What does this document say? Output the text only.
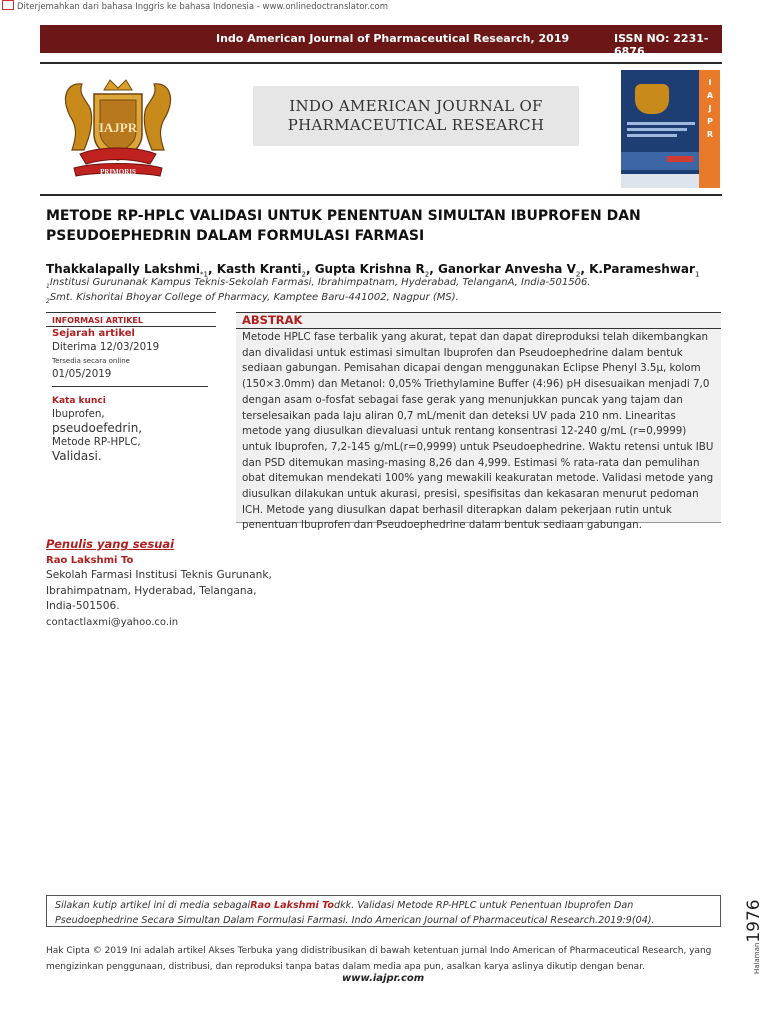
Diterjemahkan dari bahasa Inggris ke bahasa Indonesia - www.onlinedoctranslator.com
Indo American Journal of Pharmaceutical Research, 2019	ISSN NO: 2231-6876
IAJPR
PRIMORIS
INDO AMERICAN JOURNAL OF
PHARMACEUTICAL RESEARCH
I
A
J
P
R
METODE RP-HPLC VALIDASI UNTUK PENENTUAN SIMULTAN IBUPROFEN DAN
PSEUDOEPHEDRIN DALAM FORMULASI FARMASI
Thakkalapally Lakshmi$_{*1}$, Kasth Kranti$_2$, Gupta Krishna $R_2$, Ganorkar Anvesha $V_2$, K.Parameshwar$_1$
$_1$Institusi Gurunanak Kampus Teknis-Sekolah Farmasi, Ibrahimpatnam, Hyderabad, TelanganA, India-501506.
$_2$Smt. Kishoritai Bhoyar College of Pharmacy, Kamptee Baru-441002, Nagpur (MS).
INFORMASI ARTIKEL
Sejarah artikel
Diterima 12/03/2019
Tersedia secara online
01/05/2019
Kata kunci
Ibuprofen,
pseudoefedrin,
Metode RP-HPLC,
Validasi.
ABSTRAK
Metode HPLC fase terbalik yang akurat, tepat dan dapat direproduksi telah dikembangkan dan divalidasi untuk estimasi simultan Ibuprofen dan Pseudoephedrine dalam bentuk sediaan gabungan. Pemisahan dicapai dengan menggunakan Eclipse Phenyl 3.5μ, kolom (150×3.0mm) dan Metanol: 0,05% Triethylamine Buffer (4:96) pH disesuaikan menjadi 7,0 dengan asam o-fosfat sebagai fase gerak yang menunjukkan puncak yang tajam dan terselesaikan pada laju aliran 0,7 mL/menit dan deteksi UV pada 210 nm. Linearitas metode yang diusulkan dievaluasi untuk rentang konsentrasi 12-240 g/mL (r=0,9999) untuk Ibuprofen, 7,2-145 g/mL(r=0,9999) untuk Pseudoephedrine. Waktu retensi untuk IBU dan PSD ditemukan masing-masing 8,26 dan 4,999. Estimasi % rata-rata dan pemulihan obat ditemukan mendekati 100% yang mewakili keakuratan metode. Validasi metode yang diusulkan dilakukan untuk akurasi, presisi, spesifisitas dan kekasaran menurut pedoman ICH. Metode yang diusulkan dapat berhasil diterapkan dalam pekerjaan rutin untuk penentuan Ibuprofen dan Pseudoephedrine dalam bentuk sediaan gabungan.
Penulis yang sesuai
Rao Lakshmi To
Sekolah Farmasi Institusi Teknis Gurunank,
Ibrahimpatnam, Hyderabad, Telangana,
India-501506.
contactlaxmi@yahoo.co.in
Silakan kutip artikel ini di media sebagaiRao Lakshmi Todkk. Validasi Metode RP-HPLC untuk Penentuan Ibuprofen Dan Pseudoephedrine Secara Simultan Dalam Formulasi Farmasi. Indo American Journal of Pharmaceutical Research.2019:9(04).
Hak Cipta © 2019 Ini adalah artikel Akses Terbuka yang didistribusikan di bawah ketentuan jurnal Indo American of Pharmaceutical Research, yang mengizinkan penggunaan, distribusi, dan reproduksi tanpa batas dalam media apa pun, asalkan karya aslinya dikutip dengan benar.
www.iajpr.com
Halaman1976
